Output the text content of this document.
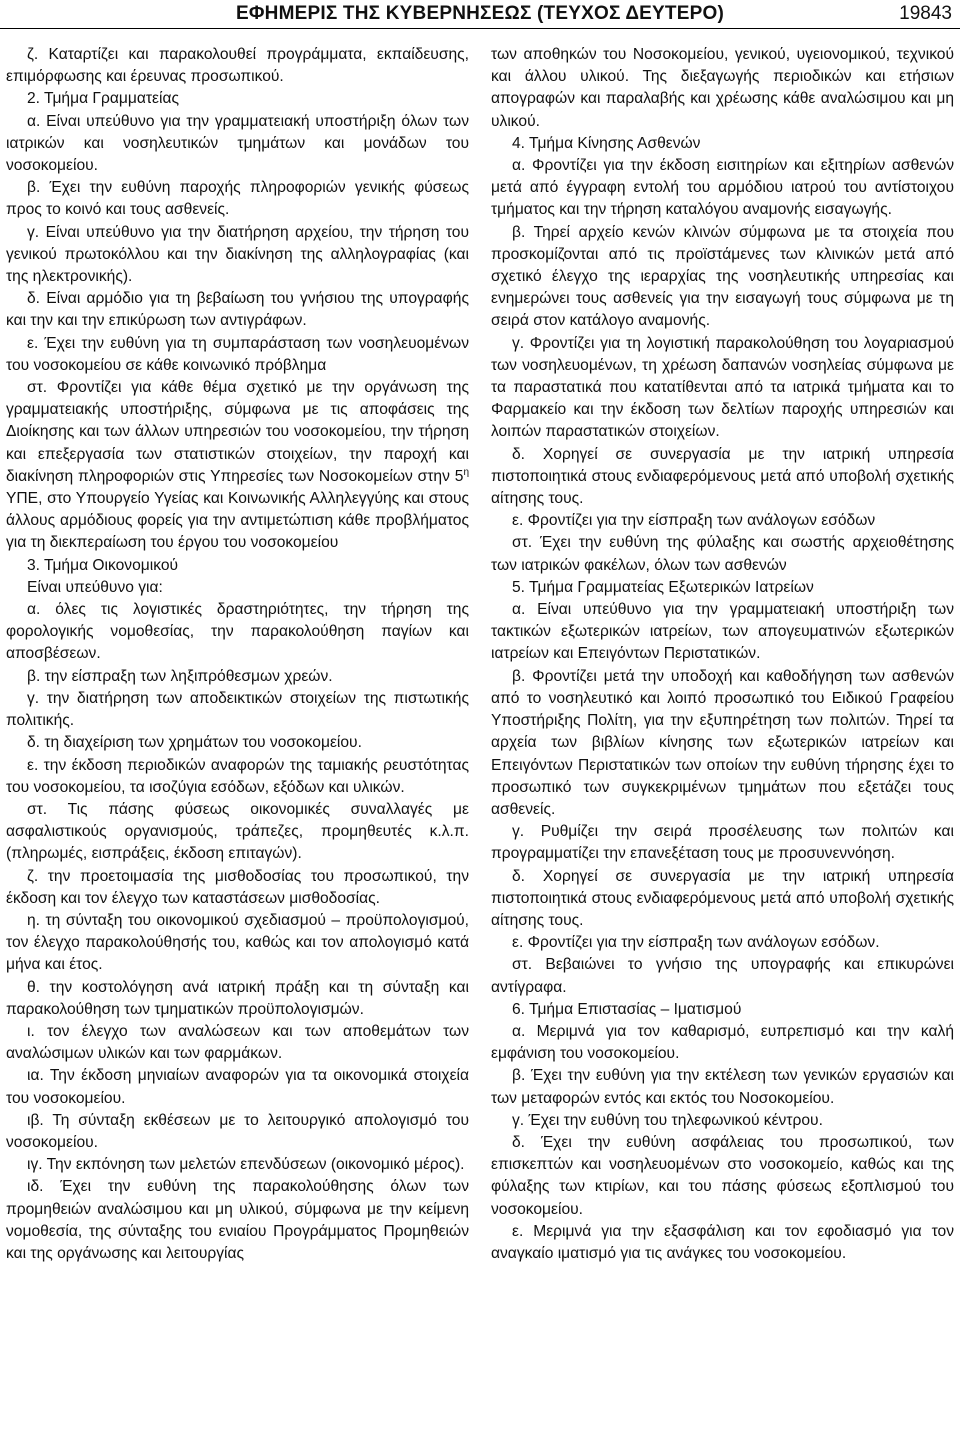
ΕΦΗΜΕΡΙΣ ΤΗΣ ΚΥΒΕΡΝΗΣΕΩΣ (ΤΕΥΧΟΣ ΔΕΥΤΕΡΟ)	19843

ζ. Καταρτίζει και παρακολουθεί προγράμματα, εκπαίδευσης, επιμόρφωσης και έρευνας προσωπικού.

2. Τμήμα Γραμματείας

α. Είναι υπεύθυνο για την γραμματειακή υποστήριξη όλων των ιατρικών και νοσηλευτικών τμημάτων και μονάδων του νοσοκομείου.

β. Έχει την ευθύνη παροχής πληροφοριών γενικής φύσεως προς το κοινό και τους ασθενείς.

γ. Είναι υπεύθυνο για την διατήρηση αρχείου, την τήρηση του γενικού πρωτοκόλλου και την διακίνηση της αλληλογραφίας (και της ηλεκτρονικής).

δ. Είναι αρμόδιο για τη βεβαίωση του γνήσιου της υπογραφής και την και την επικύρωση των αντιγράφων.

ε. Έχει την ευθύνη για τη συμπαράσταση των νοσηλευομένων του νοσοκομείου σε κάθε κοινωνικό πρόβλημα

στ. Φροντίζει για κάθε θέμα σχετικό με την οργάνωση της γραμματειακής υποστήριξης, σύμφωνα με τις αποφάσεις της Διοίκησης και των άλλων υπηρεσιών του νοσοκομείου, την τήρηση και επεξεργασία των στατιστικών στοιχείων, την παροχή και διακίνηση πληροφοριών στις Υπηρεσίες των Νοσοκομείων στην $5^\eta$ ΥΠΕ, στο Υπουργείο Υγείας και Κοινωνικής Αλληλεγγύης και στους άλλους αρμόδιους φορείς για την αντιμετώπιση κάθε προβλήματος για τη διεκπεραίωση του έργου του νοσοκομείου

3. Τμήμα Οικονομικού

Είναι υπεύθυνο για:

α. όλες τις λογιστικές δραστηριότητες, την τήρηση της φορολογικής νομοθεσίας, την παρακολούθηση παγίων και αποσβέσεων.

β. την είσπραξη των ληξιπρόθεσμων χρεών.

γ. την διατήρηση των αποδεικτικών στοιχείων της πιστωτικής πολιτικής.

δ. τη διαχείριση των χρημάτων του νοσοκομείου.

ε. την έκδοση περιοδικών αναφορών της ταμιακής ρευστότητας του νοσοκομείου, τα ισοζύγια εσόδων, εξόδων και υλικών.

στ. Τις πάσης φύσεως οικονομικές συναλλαγές με ασφαλιστικούς οργανισμούς, τράπεζες, προμηθευτές κ.λ.π. (πληρωμές, εισπράξεις, έκδοση επιταγών).

ζ. την προετοιμασία της μισθοδοσίας του προσωπικού, την έκδοση και τον έλεγχο των καταστάσεων μισθοδοσίας.

η. τη σύνταξη του οικονομικού σχεδιασμού – προϋπολογισμού, τον έλεγχο παρακολούθησής του, καθώς και τον απολογισμό κατά μήνα και έτος.

θ. την κοστολόγηση ανά ιατρική πράξη και τη σύνταξη και παρακολούθηση των τμηματικών προϋπολογισμών.

ι. τον έλεγχο των αναλώσεων και των αποθεμάτων των αναλώσιμων υλικών και των φαρμάκων.

ια. Την έκδοση μηνιαίων αναφορών για τα οικονομικά στοιχεία του νοσοκομείου.

ιβ. Τη σύνταξη εκθέσεων με το λειτουργικό απολογισμό του νοσοκομείου.

ιγ. Την εκπόνηση των μελετών επενδύσεων (οικονομικό μέρος).

ιδ. Έχει την ευθύνη της παρακολούθησης όλων των προμηθειών αναλώσιμου και μη υλικού, σύμφωνα με την κείμενη νομοθεσία, της σύνταξης του ενιαίου Προγράμματος Προμηθειών και της οργάνωσης και λειτουργίας

των αποθηκών του Νοσοκομείου, γενικού, υγειονομικού, τεχνικού και άλλου υλικού. Της διεξαγωγής περιοδικών και ετήσιων απογραφών και παραλαβής και χρέωσης κάθε αναλώσιμου και μη υλικού.

4. Τμήμα Κίνησης Ασθενών

α. Φροντίζει για την έκδοση εισιτηρίων και εξιτηρίων ασθενών μετά από έγγραφη εντολή του αρμόδιου ιατρού του αντίστοιχου τμήματος και την τήρηση καταλόγου αναμονής εισαγωγής.

β. Τηρεί αρχείο κενών κλινών σύμφωνα με τα στοιχεία που προσκομίζονται από τις προϊστάμενες των κλινικών μετά από σχετικό έλεγχο της ιεραρχίας της νοσηλευτικής υπηρεσίας και ενημερώνει τους ασθενείς για την εισαγωγή τους σύμφωνα με τη σειρά στον κατάλογο αναμονής.

γ. Φροντίζει για τη λογιστική παρακολούθηση του λογαριασμού των νοσηλευομένων, τη χρέωση δαπανών νοσηλείας σύμφωνα με τα παραστατικά που κατατίθενται από τα ιατρικά τμήματα και το Φαρμακείο και την έκδοση των δελτίων παροχής υπηρεσιών και λοιπών παραστατικών στοιχείων.

δ. Χορηγεί σε συνεργασία με την ιατρική υπηρεσία πιστοποιητικά στους ενδιαφερόμενους μετά από υποβολή σχετικής αίτησης τους.

ε. Φροντίζει για την είσπραξη των ανάλογων εσόδων

στ. Έχει την ευθύνη της φύλαξης και σωστής αρχειοθέτησης των ιατρικών φακέλων, όλων των ασθενών

5. Τμήμα Γραμματείας Εξωτερικών Ιατρείων

α. Είναι υπεύθυνο για την γραμματειακή υποστήριξη των τακτικών εξωτερικών ιατρείων, των απογευματινών εξωτερικών ιατρείων και Επειγόντων Περιστατικών.

β. Φροντίζει μετά την υποδοχή και καθοδήγηση των ασθενών από το νοσηλευτικό και λοιπό προσωπικό του Ειδικού Γραφείου Υποστήριξης Πολίτη, για την εξυπηρέτηση των πολιτών. Τηρεί τα αρχεία των βιβλίων κίνησης των εξωτερικών ιατρείων και Επειγόντων Περιστατικών των οποίων την ευθύνη τήρησης έχει το προσωπικό των συγκεκριμένων τμημάτων που εξετάζει τους ασθενείς.

γ. Ρυθμίζει την σειρά προσέλευσης των πολιτών και προγραμματίζει την επανεξέταση τους με προσυνεννόηση.

δ. Χορηγεί σε συνεργασία με την ιατρική υπηρεσία πιστοποιητικά στους ενδιαφερόμενους μετά από υποβολή σχετικής αίτησης τους.

ε. Φροντίζει για την είσπραξη των ανάλογων εσόδων.

στ. Βεβαιώνει το γνήσιο της υπογραφής και επικυρώνει αντίγραφα.

6. Τμήμα Επιστασίας – Ιματισμού

α. Μεριμνά για τον καθαρισμό, ευπρεπισμό και την καλή εμφάνιση του νοσοκομείου.

β. Έχει την ευθύνη για την εκτέλεση των γενικών εργασιών και των μεταφορών εντός και εκτός του Νοσοκομείου.

γ. Έχει την ευθύνη του τηλεφωνικού κέντρου.

δ. Έχει την ευθύνη ασφάλειας του προσωπικού, των επισκεπτών και νοσηλευομένων στο νοσοκομείο, καθώς και της φύλαξης των κτιρίων, και του πάσης φύσεως εξοπλισμού του νοσοκομείου.

ε. Μεριμνά για την εξασφάλιση και τον εφοδιασμό για τον αναγκαίο ιματισμό για τις ανάγκες του νοσοκομείου.
